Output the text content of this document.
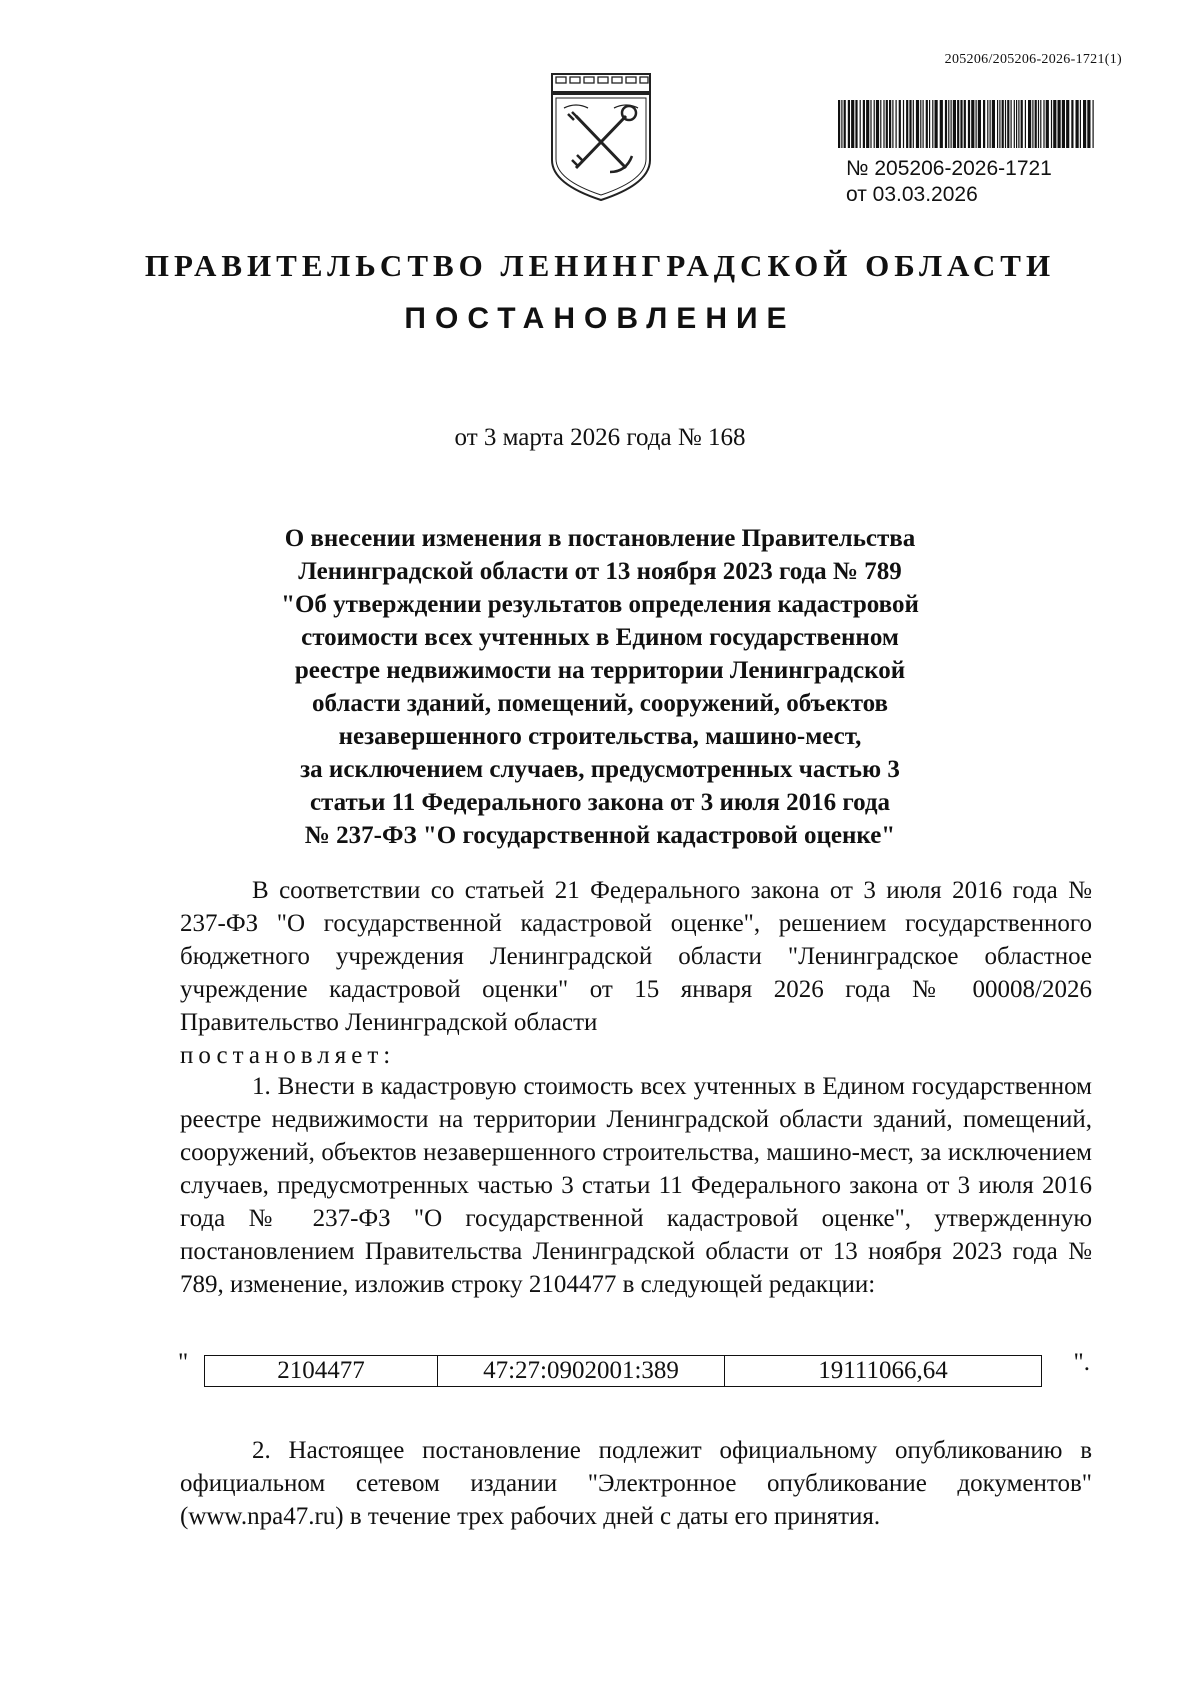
205206/205206-2026-1721(1)
№ 205206-2026-1721
от 03.03.2026
ПРАВИТЕЛЬСТВО ЛЕНИНГРАДСКОЙ ОБЛАСТИ
ПОСТАНОВЛЕНИЕ
от 3 марта 2026 года № 168
О внесении изменения в постановление Правительства
Ленинградской области от 13 ноября 2023 года № 789
"Об утверждении результатов определения кадастровой
стоимости всех учтенных в Едином государственном
реестре недвижимости на территории Ленинградской
области зданий, помещений, сооружений, объектов
незавершенного строительства, машино-мест,
за исключением случаев, предусмотренных частью 3
статьи 11 Федерального закона от 3 июля 2016 года
№ 237-ФЗ "О государственной кадастровой оценке"
В соответствии со статьей 21 Федерального закона от 3 июля 2016 года № 237-ФЗ "О государственной кадастровой оценке", решением государственного бюджетного учреждения Ленинградской области "Ленинградское областное учреждение кадастровой оценки" от 15 января 2026 года № 00008/2026 Правительство Ленинградской области
постановляет:
1. Внести в кадастровую стоимость всех учтенных в Едином государственном реестре недвижимости на территории Ленинградской области зданий, помещений, сооружений, объектов незавершенного строительства, машино-мест, за исключением случаев, предусмотренных частью 3 статьи 11 Федерального закона от 3 июля 2016 года № 237-ФЗ "О государственной кадастровой оценке", утвержденную постановлением Правительства Ленинградской области от 13 ноября 2023 года № 789, изменение, изложив строку 2104477 в следующей редакции:
"	2104477	47:27:0902001:389	19111066,64	".
2. Настоящее постановление подлежит официальному опубликованию в официальном сетевом издании "Электронное опубликование документов" (www.npa47.ru) в течение трех рабочих дней с даты его принятия.
